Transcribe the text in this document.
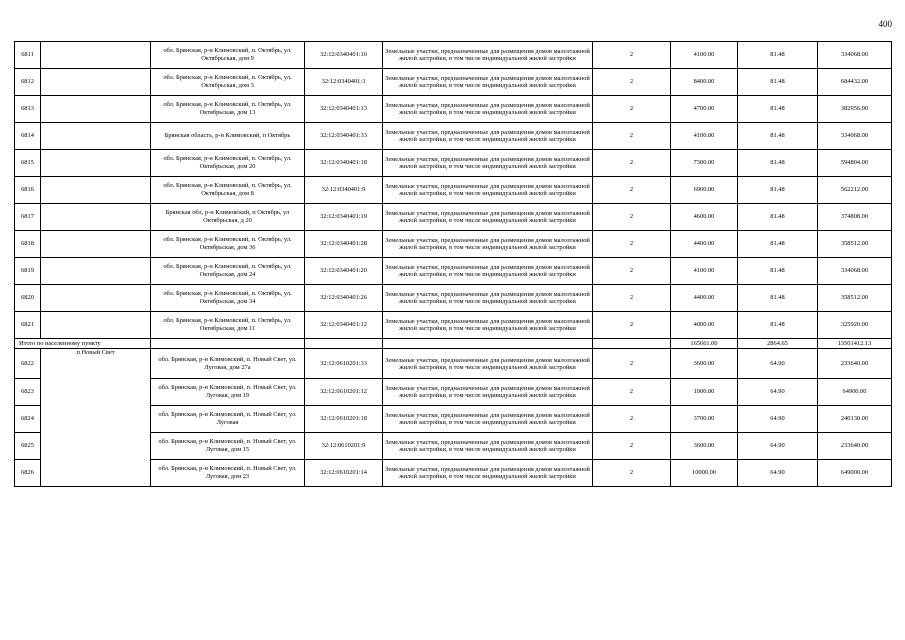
400
6811		обл. Брянская, р-н Климовский, п. Октябрь, ул. Октябрьская, дом 9	32:12:0340401:10	Земельные участки, предназначенные для размещения домов малоэтажной жилой застройки, в том числе индивидуальной жилой застройки	2	4100.00	81.48	334068.00
6812		обл. Брянская, р-н Климовский, п. Октябрь, ул. Октябрьская, дом 3	32:12:0340401:3	Земельные участки, предназначенные для размещения домов малоэтажной жилой застройки, в том числе индивидуальной жилой застройки	2	8400.00	81.48	684432.00
6813		обл. Брянская, р-н Климовский, п. Октябрь, ул. Октябрьская, дом 13	32:12:0340401:13	Земельные участки, предназначенные для размещения домов малоэтажной жилой застройки, в том числе индивидуальной жилой застройки	2	4700.00	81.48	382956.00
6814		Брянская область, р-н Климовский, п Октябрь	32:12:0340401:33	Земельные участки, предназначенные для размещения домов малоэтажной жилой застройки, в том числе индивидуальной жилой застройки	2	4100.00	81.48	334068.00
6815		обл. Брянская, р-н Климовский, п. Октябрь, ул. Октябрьская, дом 20	32:12:0340401:18	Земельные участки, предназначенные для размещения домов малоэтажной жилой застройки, в том числе индивидуальной жилой застройки	2	7300.00	81.48	594804.00
6816		обл. Брянская, р-н Климовский, п. Октябрь, ул. Октябрьская, дом 8	32:12:0340401:9	Земельные участки, предназначенные для размещения домов малоэтажной жилой застройки, в том числе индивидуальной жилой застройки	2	6900.00	81.48	562212.00
6817		Брянская обл, р-н Климовский, п Октябрь, ул Октябрьская, д 20	32:12:0340401:19	Земельные участки, предназначенные для размещения домов малоэтажной жилой застройки, в том числе индивидуальной жилой застройки	2	4600.00	81.48	374808.00
6818		обл. Брянская, р-н Климовский, п. Октябрь, ул. Октябрьская, дом 36	32:12:0340401:28	Земельные участки, предназначенные для размещения домов малоэтажной жилой застройки, в том числе индивидуальной жилой застройки	2	4400.00	81.48	358512.00
6819		обл. Брянская, р-н Климовский, п. Октябрь, ул. Октябрьская, дом 24	32:12:0340401:20	Земельные участки, предназначенные для размещения домов малоэтажной жилой застройки, в том числе индивидуальной жилой застройки	2	4100.00	81.48	334068.00
6820		обл. Брянская, р-н Климовский, п. Октябрь, ул. Октябрьская, дом 34	32:12:0340401:26	Земельные участки, предназначенные для размещения домов малоэтажной жилой застройки, в том числе индивидуальной жилой застройки	2	4400.00	81.48	358512.00
6821		обл. Брянская, р-н Климовский, п. Октябрь, ул. Октябрьская, дом 11	32:12:0340401:12	Земельные участки, предназначенные для размещения домов малоэтажной жилой застройки, в том числе индивидуальной жилой застройки	2	4000.00	81.48	325920.00
Итого по населенному пункту						165661.00	2864.65	13501412.13
6822	п Новый Свет	обл. Брянская, р-н Климовский, п. Новый Свет, ул. Луговая, дом 27а	32:12:0610201:33	Земельные участки, предназначенные для размещения домов малоэтажной жилой застройки, в том числе индивидуальной жилой застройки	2	3600.00	64.90	233640.00
6823		обл. Брянская, р-н Климовский, п. Новый Свет, ул. Луговая, дом 19	32:12:0610201:12	Земельные участки, предназначенные для размещения домов малоэтажной жилой застройки, в том числе индивидуальной жилой застройки	2	1000.00	64.90	64900.00
6824		обл. Брянская, р-н Климовский, п. Новый Свет, ул. Луговая	32:12:0610201:18	Земельные участки, предназначенные для размещения домов малоэтажной жилой застройки, в том числе индивидуальной жилой застройки	2	3700.00	64.90	240130.00
6825		обл. Брянская, р-н Климовский, п. Новый Свет, ул. Луговая, дом 15	32:12:0610201:9	Земельные участки, предназначенные для размещения домов малоэтажной жилой застройки, в том числе индивидуальной жилой застройки	2	3600.00	64.90	233640.00
6826		обл. Брянская, р-н Климовский, п. Новый Свет, ул. Луговая, дом 23	32:12:0610201:14	Земельные участки, предназначенные для размещения домов малоэтажной жилой застройки, в том числе индивидуальной жилой застройки	2	10000.00	64.90	649000.00
